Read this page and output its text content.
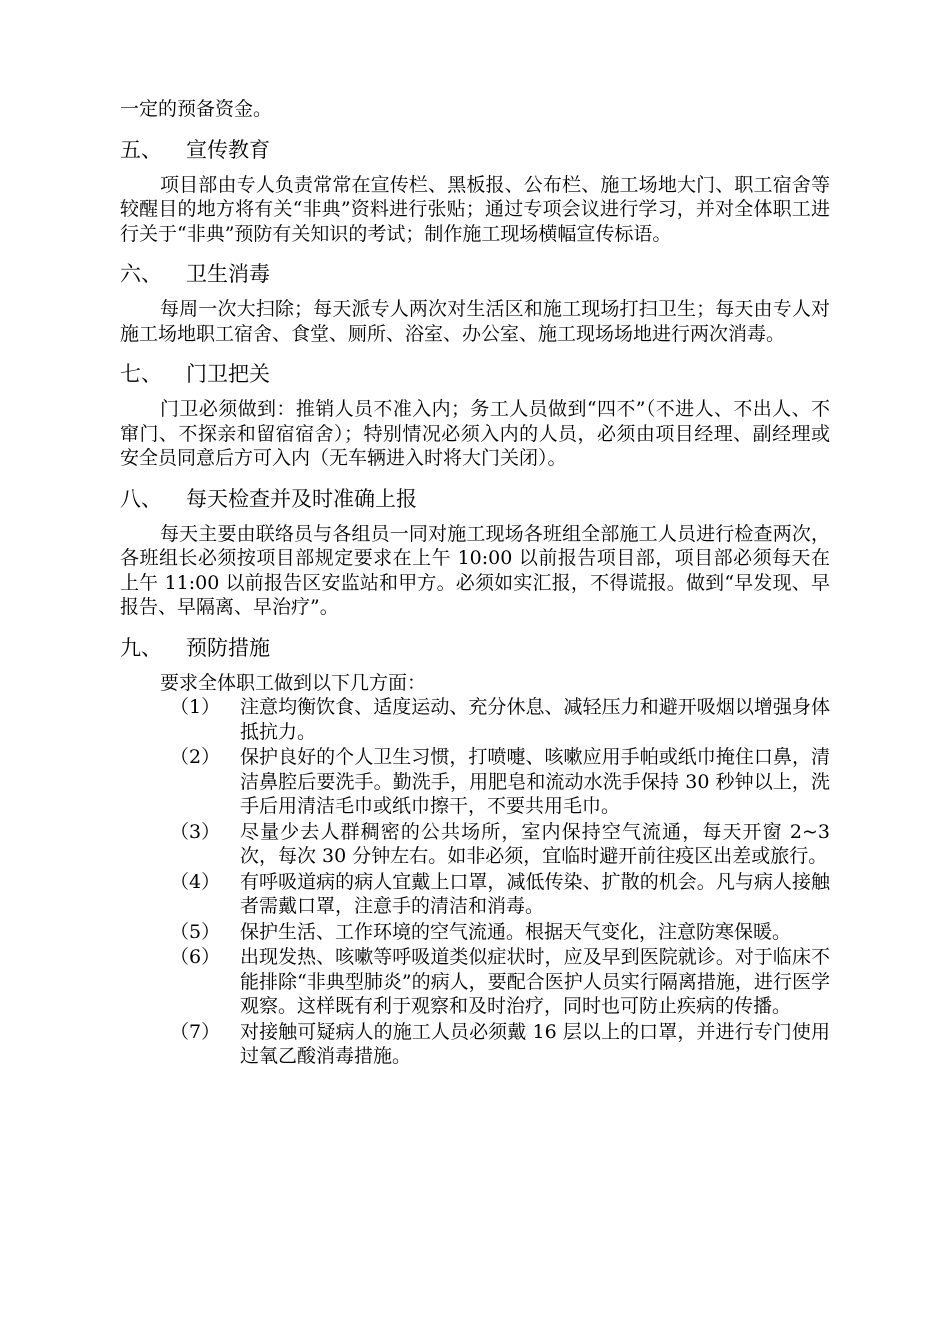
一定的预备资金。

五、	宣传教育

项目部由专人负责常常在宣传栏、黑板报、公布栏、施工场地大门、职工宿舍等较醒目的地方将有关“非典”资料进行张贴；通过专项会议进行学习，并对全体职工进行关于“非典”预防有关知识的考试；制作施工现场横幅宣传标语。

六、	卫生消毒

每周一次大扫除；每天派专人两次对生活区和施工现场打扫卫生；每天由专人对施工场地职工宿舍、食堂、厕所、浴室、办公室、施工现场场地进行两次消毒。

七、	门卫把关

门卫必须做到：推销人员不准入内；务工人员做到“四不”（不进人、不出人、不窜门、不探亲和留宿宿舍）；特别情况必须入内的人员，必须由项目经理、副经理或安全员同意后方可入内（无车辆进入时将大门关闭）。

八、	每天检查并及时准确上报

每天主要由联络员与各组员一同对施工现场各班组全部施工人员进行检查两次，各班组长必须按项目部规定要求在上午 10:00 以前报告项目部，项目部必须每天在上午 11:00 以前报告区安监站和甲方。必须如实汇报，不得谎报。做到“早发现、早报告、早隔离、早治疗”。

九、	预防措施

要求全体职工做到以下几方面：

（1）	注意均衡饮食、适度运动、充分休息、减轻压力和避开吸烟以增强身体抵抗力。
（2）	保护良好的个人卫生习惯，打喷嚏、咳嗽应用手帕或纸巾掩住口鼻，清洁鼻腔后要洗手。勤洗手，用肥皂和流动水洗手保持 30 秒钟以上，洗手后用清洁毛巾或纸巾擦干，不要共用毛巾。
（3）	尽量少去人群稠密的公共场所，室内保持空气流通，每天开窗 2~3 次，每次 30 分钟左右。如非必须，宜临时避开前往疫区出差或旅行。
（4）	有呼吸道病的病人宜戴上口罩，减低传染、扩散的机会。凡与病人接触者需戴口罩，注意手的清洁和消毒。
（5）	保护生活、工作环境的空气流通。根据天气变化，注意防寒保暖。
（6）	出现发热、咳嗽等呼吸道类似症状时，应及早到医院就诊。对于临床不能排除“非典型肺炎”的病人，要配合医护人员实行隔离措施，进行医学观察。这样既有利于观察和及时治疗，同时也可防止疾病的传播。
（7）	对接触可疑病人的施工人员必须戴 16 层以上的口罩，并进行专门使用过氧乙酸消毒措施。
